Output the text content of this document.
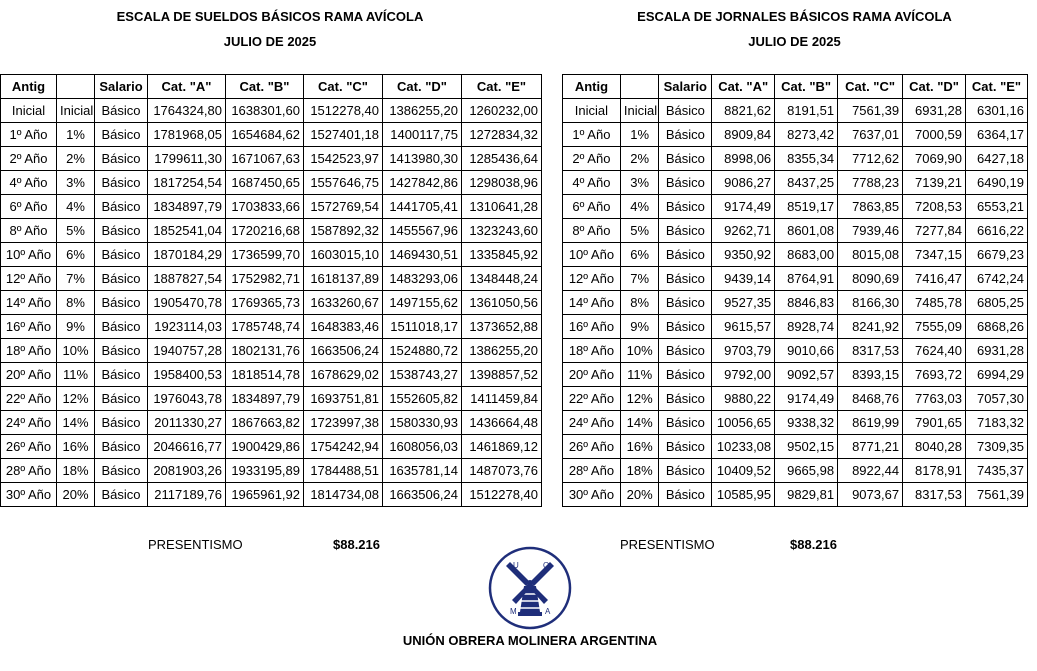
ESCALA DE SUELDOS BÁSICOS RAMA AVÍCOLA
JULIO DE 2025
ESCALA DE JORNALES BÁSICOS RAMA AVÍCOLA
JULIO DE 2025
Antig		Salario	Cat. "A"	Cat. "B"	Cat. "C"	Cat. "D"	Cat. "E"
Inicial	Inicial	Básico	1764324,80	1638301,60	1512278,40	1386255,20	1260232,00
1º Año	1%	Básico	1781968,05	1654684,62	1527401,18	1400117,75	1272834,32
2º Año	2%	Básico	1799611,30	1671067,63	1542523,97	1413980,30	1285436,64
4º Año	3%	Básico	1817254,54	1687450,65	1557646,75	1427842,86	1298038,96
6º Año	4%	Básico	1834897,79	1703833,66	1572769,54	1441705,41	1310641,28
8º Año	5%	Básico	1852541,04	1720216,68	1587892,32	1455567,96	1323243,60
10º Año	6%	Básico	1870184,29	1736599,70	1603015,10	1469430,51	1335845,92
12º Año	7%	Básico	1887827,54	1752982,71	1618137,89	1483293,06	1348448,24
14º Año	8%	Básico	1905470,78	1769365,73	1633260,67	1497155,62	1361050,56
16º Año	9%	Básico	1923114,03	1785748,74	1648383,46	1511018,17	1373652,88
18º Año	10%	Básico	1940757,28	1802131,76	1663506,24	1524880,72	1386255,20
20º Año	11%	Básico	1958400,53	1818514,78	1678629,02	1538743,27	1398857,52
22º Año	12%	Básico	1976043,78	1834897,79	1693751,81	1552605,82	1411459,84
24º Año	14%	Básico	2011330,27	1867663,82	1723997,38	1580330,93	1436664,48
26º Año	16%	Básico	2046616,77	1900429,86	1754242,94	1608056,03	1461869,12
28º Año	18%	Básico	2081903,26	1933195,89	1784488,51	1635781,14	1487073,76
30º Año	20%	Básico	2117189,76	1965961,92	1814734,08	1663506,24	1512278,40
Antig		Salario	Cat. "A"	Cat. "B"	Cat. "C"	Cat. "D"	Cat. "E"
Inicial	Inicial	Básico	8821,62	8191,51	7561,39	6931,28	6301,16
1º Año	1%	Básico	8909,84	8273,42	7637,01	7000,59	6364,17
2º Año	2%	Básico	8998,06	8355,34	7712,62	7069,90	6427,18
4º Año	3%	Básico	9086,27	8437,25	7788,23	7139,21	6490,19
6º Año	4%	Básico	9174,49	8519,17	7863,85	7208,53	6553,21
8º Año	5%	Básico	9262,71	8601,08	7939,46	7277,84	6616,22
10º Año	6%	Básico	9350,92	8683,00	8015,08	7347,15	6679,23
12º Año	7%	Básico	9439,14	8764,91	8090,69	7416,47	6742,24
14º Año	8%	Básico	9527,35	8846,83	8166,30	7485,78	6805,25
16º Año	9%	Básico	9615,57	8928,74	8241,92	7555,09	6868,26
18º Año	10%	Básico	9703,79	9010,66	8317,53	7624,40	6931,28
20º Año	11%	Básico	9792,00	9092,57	8393,15	7693,72	6994,29
22º Año	12%	Básico	9880,22	9174,49	8468,76	7763,03	7057,30
24º Año	14%	Básico	10056,65	9338,32	8619,99	7901,65	7183,32
26º Año	16%	Básico	10233,08	9502,15	8771,21	8040,28	7309,35
28º Año	18%	Básico	10409,52	9665,98	8922,44	8178,91	7435,37
30º Año	20%	Básico	10585,95	9829,81	9073,67	8317,53	7561,39
PRESENTISMO	$88.216	PRESENTISMO	$88.216
U	O
M	A
UNIÓN OBRERA MOLINERA ARGENTINA
